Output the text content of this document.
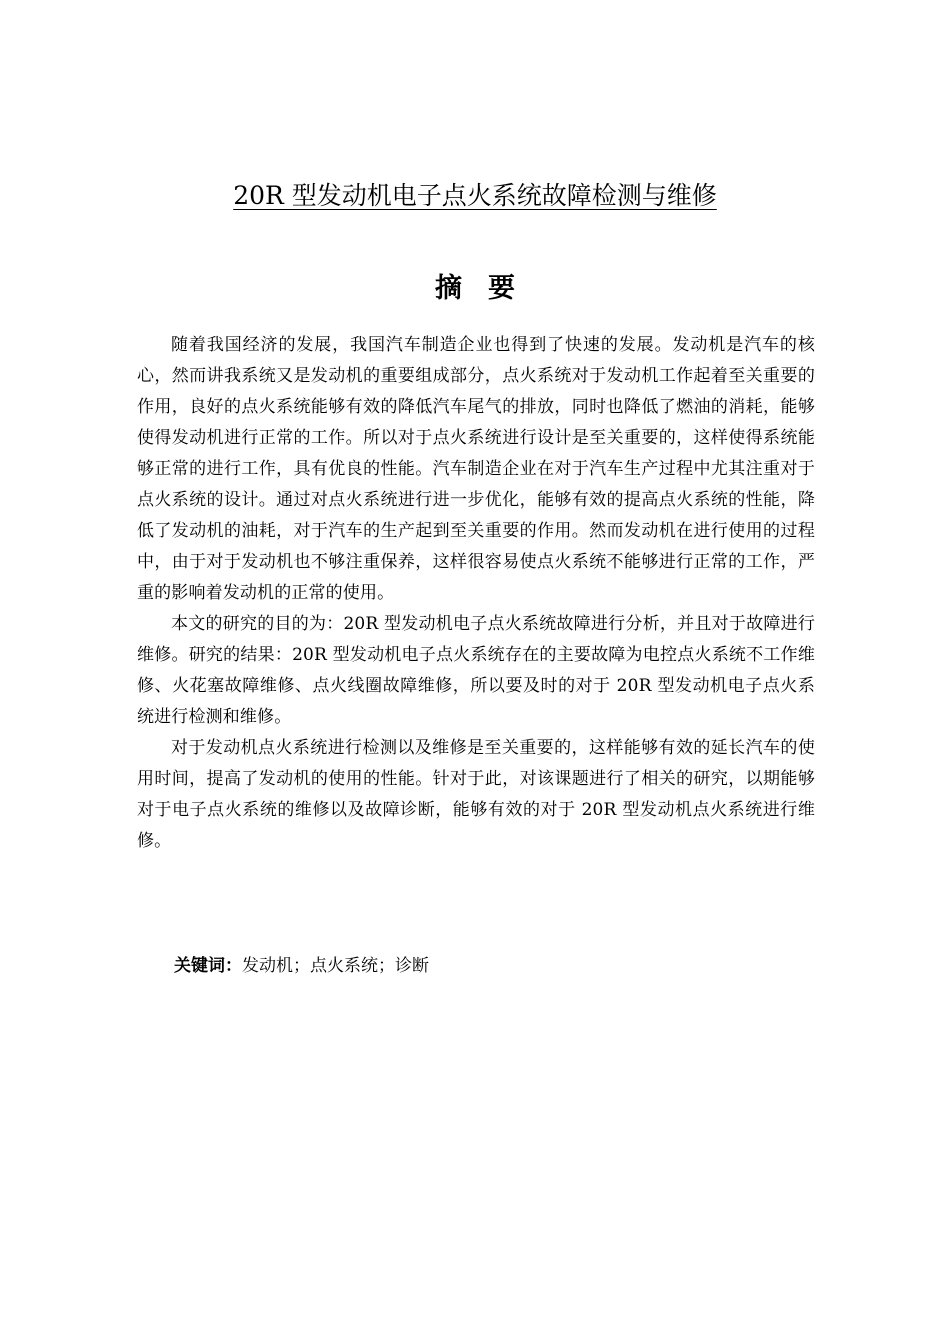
20R 型发动机电子点火系统故障检测与维修
摘要

随着我国经济的发展，我国汽车制造企业也得到了快速的发展。发动机是汽车的核心，然而讲我系统又是发动机的重要组成部分，点火系统对于发动机工作起着至关重要的作用，良好的点火系统能够有效的降低汽车尾气的排放，同时也降低了燃油的消耗，能够使得发动机进行正常的工作。所以对于点火系统进行设计是至关重要的，这样使得系统能够正常的进行工作，具有优良的性能。汽车制造企业在对于汽车生产过程中尤其注重对于点火系统的设计。通过对点火系统进行进一步优化，能够有效的提高点火系统的性能，降低了发动机的油耗，对于汽车的生产起到至关重要的作用。然而发动机在进行使用的过程中，由于对于发动机也不够注重保养，这样很容易使点火系统不能够进行正常的工作，严重的影响着发动机的正常的使用。

本文的研究的目的为：20R 型发动机电子点火系统故障进行分析，并且对于故障进行维修。研究的结果：20R 型发动机电子点火系统存在的主要故障为电控点火系统不工作维修、火花塞故障维修、点火线圈故障维修，所以要及时的对于 20R 型发动机电子点火系统进行检测和维修。

对于发动机点火系统进行检测以及维修是至关重要的，这样能够有效的延长汽车的使用时间，提高了发动机的使用的性能。针对于此，对该课题进行了相关的研究，以期能够对于电子点火系统的维修以及故障诊断，能够有效的对于 20R 型发动机点火系统进行维修。

关键词：发动机；点火系统；诊断
